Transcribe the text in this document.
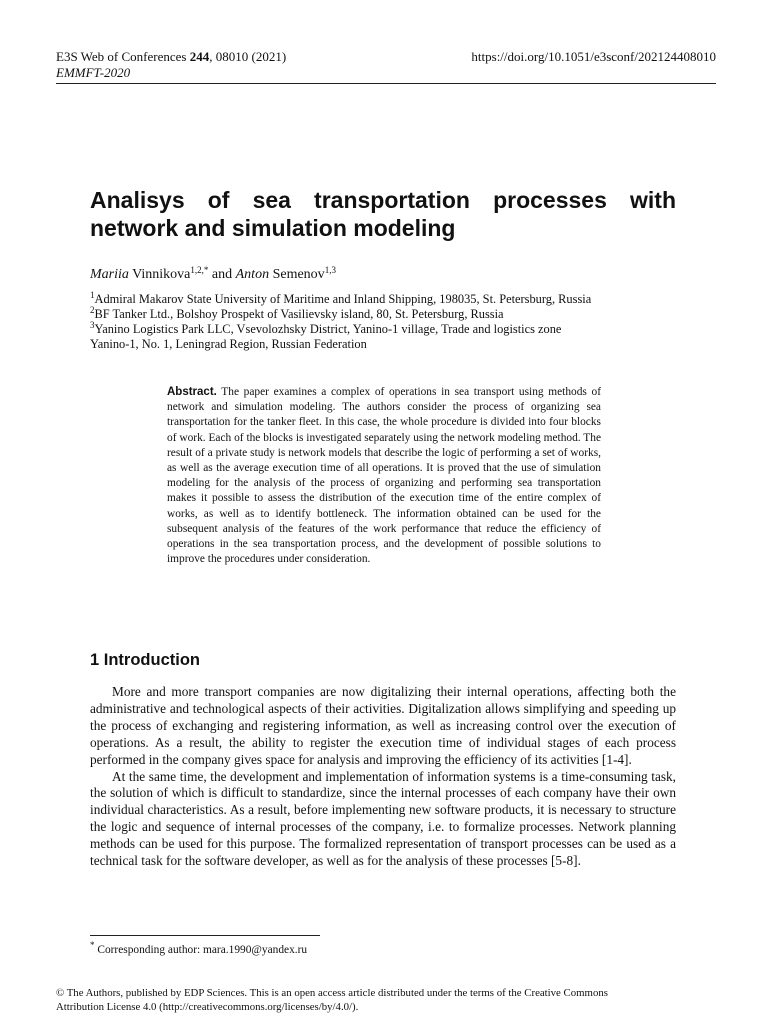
E3S Web of Conferences 244, 08010 (2021)	https://doi.org/10.1051/e3sconf/202124408010
EMMFT-2020
Analisys of sea transportation processes with network and simulation modeling
Mariia Vinnikova$^{1,2,*}$ and Anton Semenov$^{1,3}$
$^1$Admiral Makarov State University of Maritime and Inland Shipping, 198035, St. Petersburg, Russia
$^2$BF Tanker Ltd., Bolshoy Prospekt of Vasilievsky island, 80, St. Petersburg, Russia
$^3$Yanino Logistics Park LLC, Vsevolozhsky District, Yanino-1 village, Trade and logistics zone
Yanino-1, No. 1, Leningrad Region, Russian Federation
Abstract. The paper examines a complex of operations in sea transport using methods of network and simulation modeling. The authors consider the process of organizing sea transportation for the tanker fleet. In this case, the whole procedure is divided into four blocks of work. Each of the blocks is investigated separately using the network modeling method. The result of a private study is network models that describe the logic of performing a set of works, as well as the average execution time of all operations. It is proved that the use of simulation modeling for the analysis of the process of organizing and performing sea transportation makes it possible to assess the distribution of the execution time of the entire complex of works, as well as to identify bottleneck. The information obtained can be used for the subsequent analysis of the features of the work performance that reduce the efficiency of operations in the sea transportation process, and the development of possible solutions to improve the procedures under consideration.
1 Introduction

More and more transport companies are now digitalizing their internal operations, affecting both the administrative and technological aspects of their activities. Digitalization allows simplifying and speeding up the process of exchanging and registering information, as well as increasing control over the execution of operations. As a result, the ability to register the execution time of individual stages of each process performed in the company gives space for analysis and improving the efficiency of its activities [1-4].

At the same time, the development and implementation of information systems is a time-consuming task, the solution of which is difficult to standardize, since the internal processes of each company have their own individual characteristics. As a result, before implementing new software products, it is necessary to structure the logic and sequence of internal processes of the company, i.e. to formalize processes. Network planning methods can be used for this purpose. The formalized representation of transport processes can be used as a technical task for the software developer, as well as for the analysis of these processes [5-8].

* Corresponding author: mara.1990@yandex.ru
© The Authors, published by EDP Sciences. This is an open access article distributed under the terms of the Creative Commons
Attribution License 4.0 (http://creativecommons.org/licenses/by/4.0/).
